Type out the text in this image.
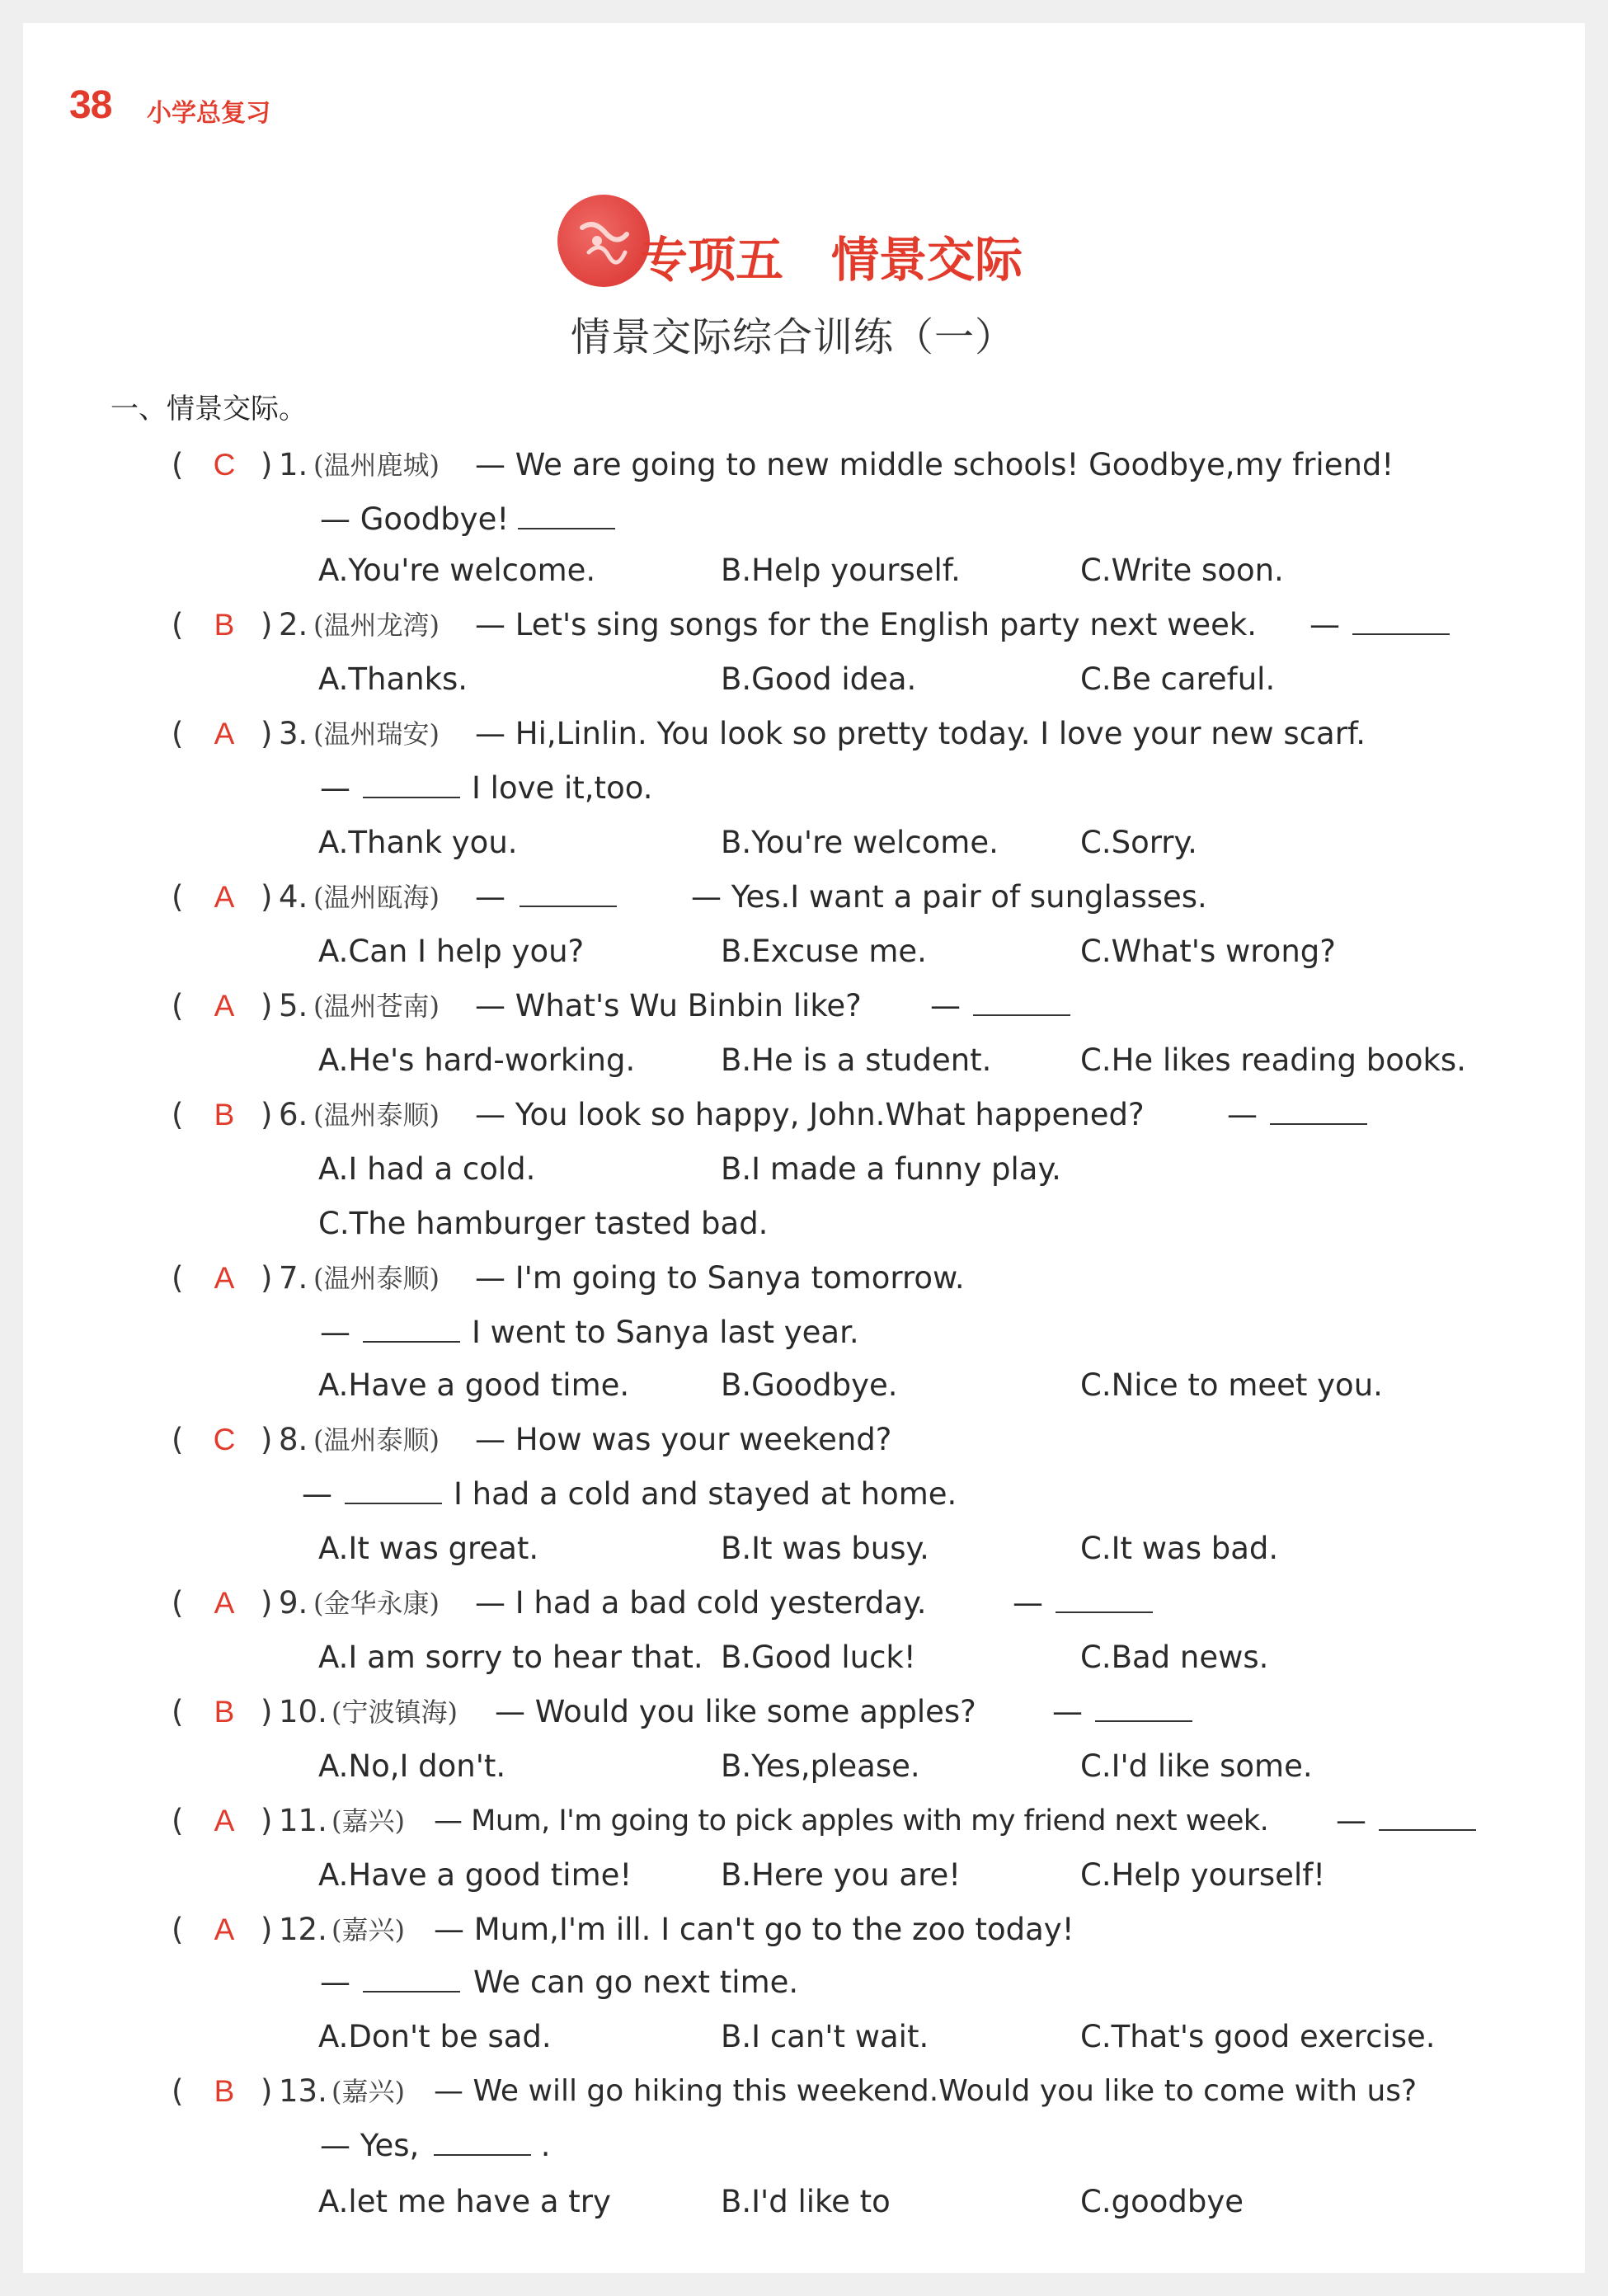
38 小学总复习
专项五　情景交际
情景交际综合训练（一）
一、情景交际。
( C ) 1. (温州鹿城) — We are going to new middle schools! Goodbye,my friend!
— Goodbye!
A.You're welcome.	B.Help yourself.	C.Write soon.
( B ) 2. (温州龙湾) — Let's sing songs for the English party next week. —
A.Thanks.	B.Good idea.	C.Be careful.
( A ) 3. (温州瑞安) — Hi,Linlin. You look so pretty today. I love your new scarf.
—	I love it,too.
A.Thank you.	B.You're welcome.	C.Sorry.
( A ) 4. (温州瓯海) —	— Yes.I want a pair of sunglasses.
A.Can I help you?	B.Excuse me.	C.What's wrong?
( A ) 5. (温州苍南) — What's Wu Binbin like? —
A.He's hard-working.	B.He is a student.	C.He likes reading books.
( B ) 6. (温州泰顺) — You look so happy, John.What happened?	—
A.I had a cold.	B.I made a funny play.
C.The hamburger tasted bad.
( A ) 7. (温州泰顺) — I'm going to Sanya tomorrow.
—	I went to Sanya last year.
A.Have a good time.	B.Goodbye.	C.Nice to meet you.
( C ) 8. (温州泰顺) — How was your weekend?
—	I had a cold and stayed at home.
A.It was great.	B.It was busy.	C.It was bad.
( A ) 9. (金华永康) — I had a bad cold yesterday.	—
A.I am sorry to hear that. B.Good luck!	C.Bad news.
( B ) 10. (宁波镇海) — Would you like some apples? —
A.No,I don't.	B.Yes,please.	C.I'd like some.
( A ) 11. (嘉兴) — Mum, I'm going to pick apples with my friend next week. —
A.Have a good time!	B.Here you are!	C.Help yourself!
( A ) 12. (嘉兴) — Mum,I'm ill. I can't go to the zoo today!
—	We can go next time.
A.Don't be sad.	B.I can't wait.	C.That's good exercise.
( B ) 13. (嘉兴) — We will go hiking this weekend.Would you like to come with us?
— Yes,	.
A.let me have a try	B.I'd like to	C.goodbye
